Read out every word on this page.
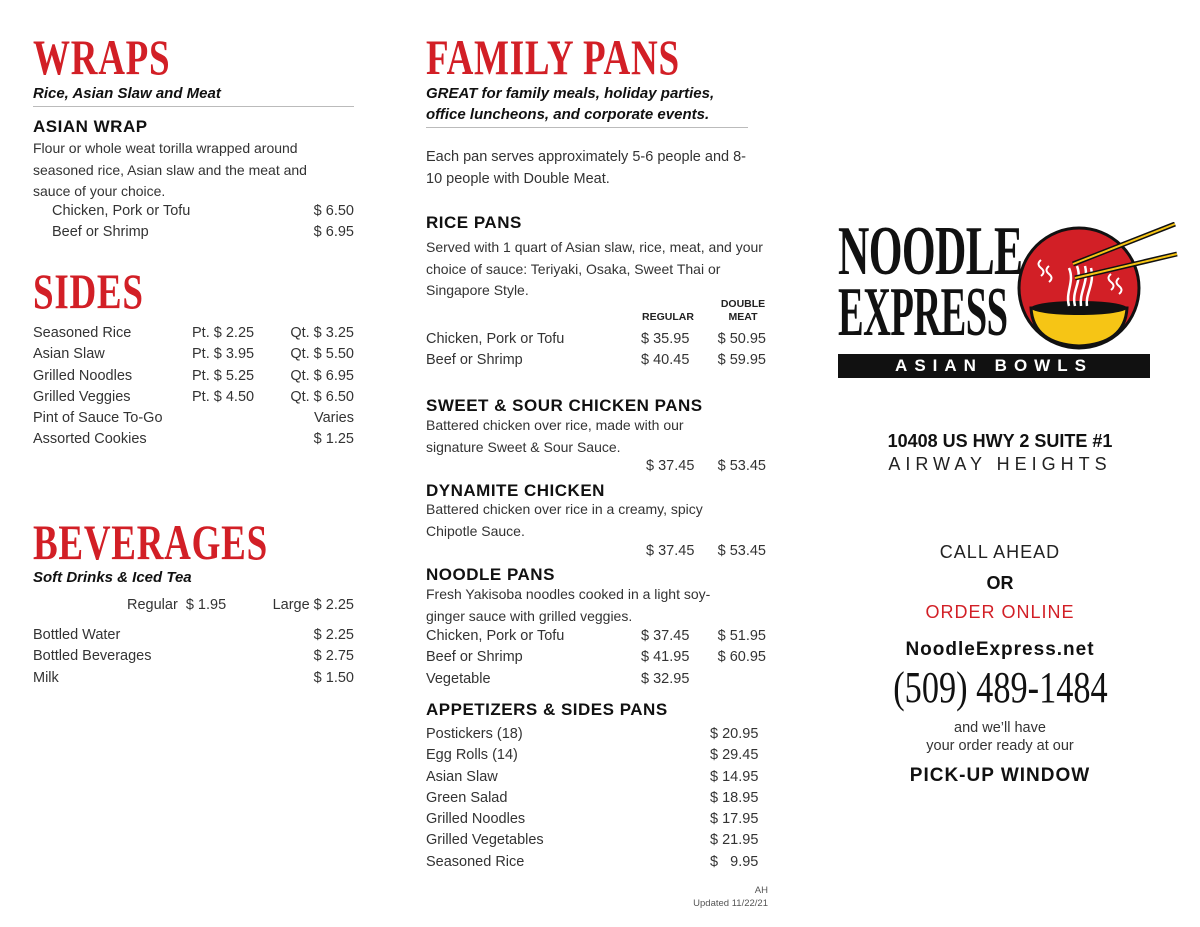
WRAPS
Rice, Asian Slaw and Meat
ASIAN WRAP
Flour or whole weat torilla wrapped around seasoned rice, Asian slaw and the meat and sauce of your choice.
Chicken, Pork or Tofu	$ 6.50
Beef or Shrimp	$ 6.95
SIDES
Seasoned Rice	Pt. $ 2.25 Qt. $ 3.25
Asian Slaw	Pt. $ 3.95 Qt. $ 5.50
Grilled Noodles	Pt. $ 5.25 Qt. $ 6.95
Grilled Veggies	Pt. $ 4.50 Qt. $ 6.50
Pint of Sauce To-Go	Varies
Assorted Cookies	$ 1.25
BEVERAGES
Soft Drinks & Iced Tea
Regular  $ 1.95	Large $ 2.25
Bottled Water	$ 2.25
Bottled Beverages	$ 2.75
Milk	$ 1.50
FAMILY PANS
GREAT for family meals, holiday parties,
office luncheons, and corporate events.
Each pan serves approximately 5-6 people and 8-10 people with Double Meat.
RICE PANS
Served with 1 quart of Asian slaw, rice, meat, and your choice of sauce: Teriyaki, Osaka, Sweet Thai or Singapore Style.
REGULAR
DOUBLE
MEAT
Chicken, Pork or Tofu	$ 35.95 $ 50.95
Beef or Shrimp	$ 40.45 $ 59.95
SWEET & SOUR CHICKEN PANS
Battered chicken over rice, made with our signature Sweet & Sour Sauce.
$ 37.45 $ 53.45
DYNAMITE CHICKEN
Battered chicken over rice in a creamy, spicy Chipotle Sauce.
$ 37.45 $ 53.45
NOODLE PANS
Fresh Yakisoba noodles cooked in a light soy-ginger sauce with grilled veggies.
Chicken, Pork or Tofu	$ 37.45 $ 51.95
Beef or Shrimp	$ 41.95 $ 60.95
Vegetable	$ 32.95
APPETIZERS & SIDES PANS
Postickers (18)	$ 20.95
Egg Rolls (14)	$ 29.45
Asian Slaw	$ 14.95
Green Salad	$ 18.95
Grilled Noodles	$ 17.95
Grilled Vegetables	$ 21.95
Seasoned Rice	$   9.95
AH
Updated 11/22/21
NOODLE
EXPRESS
ASIAN BOWLS
10408 US HWY 2 SUITE #1
AIRWAY HEIGHTS
CALL AHEAD
OR
ORDER ONLINE
NoodleExpress.net
(509) 489-1484
and we’ll have
your order ready at our
PICK-UP WINDOW
